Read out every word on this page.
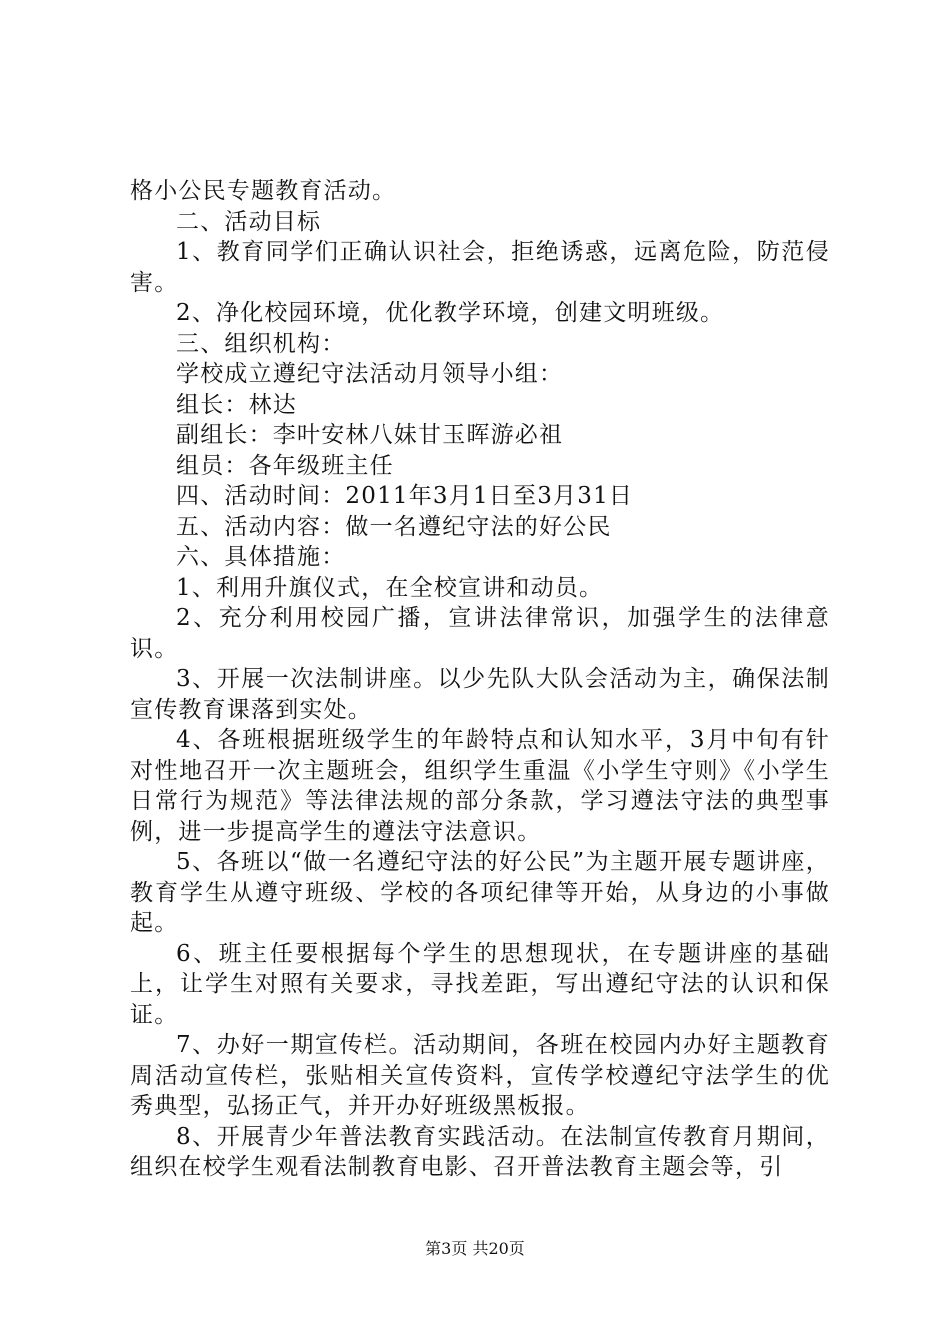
格小公民专题教育活动。

二、活动目标

1、教育同学们正确认识社会，拒绝诱惑，远离危险，防范侵害。

2、净化校园环境，优化教学环境，创建文明班级。

三、组织机构：

学校成立遵纪守法活动月领导小组：

组长：林达

副组长：李叶安林八妹甘玉晖游必祖

组员：各年级班主任

四、活动时间：2011年3月1日至3月31日

五、活动内容：做一名遵纪守法的好公民

六、具体措施：

1、利用升旗仪式，在全校宣讲和动员。

2、充分利用校园广播，宣讲法律常识，加强学生的法律意识。

3、开展一次法制讲座。以少先队大队会活动为主，确保法制宣传教育课落到实处。

4、各班根据班级学生的年龄特点和认知水平，3月中旬有针对性地召开一次主题班会，组织学生重温《小学生守则》《小学生日常行为规范》等法律法规的部分条款，学习遵法守法的典型事例，进一步提高学生的遵法守法意识。

5、各班以“做一名遵纪守法的好公民”为主题开展专题讲座，教育学生从遵守班级、学校的各项纪律等开始，从身边的小事做起。

6、班主任要根据每个学生的思想现状，在专题讲座的基础上，让学生对照有关要求，寻找差距，写出遵纪守法的认识和保证。

7、办好一期宣传栏。活动期间，各班在校园内办好主题教育周活动宣传栏，张贴相关宣传资料，宣传学校遵纪守法学生的优秀典型，弘扬正气，并开办好班级黑板报。

8、开展青少年普法教育实践活动。在法制宣传教育月期间，组织在校学生观看法制教育电影、召开普法教育主题会等，引

第3页 共20页
